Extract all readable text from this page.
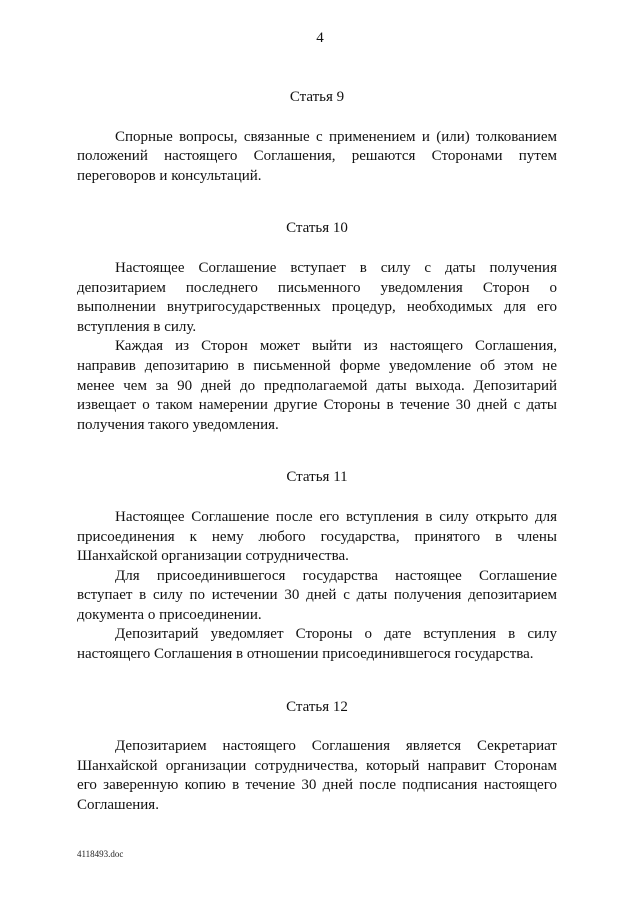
4
Статья 9

Спорные вопросы, связанные с применением и (или) толкованием положений настоящего Соглашения, решаются Сторонами путем переговоров и консультаций.

Статья 10

Настоящее Соглашение вступает в силу с даты получения депозитарием последнего письменного уведомления Сторон о выполнении внутригосударственных процедур, необходимых для его вступления в силу.

Каждая из Сторон может выйти из настоящего Соглашения, направив депозитарию в письменной форме уведомление об этом не менее чем за 90 дней до предполагаемой даты выхода. Депозитарий извещает о таком намерении другие Стороны в течение 30 дней с даты получения такого уведомления.

Статья 11

Настоящее Соглашение после его вступления в силу открыто для присоединения к нему любого государства, принятого в члены Шанхайской организации сотрудничества.

Для присоединившегося государства настоящее Соглашение вступает в силу по истечении 30 дней с даты получения депозитарием документа о присоединении.

Депозитарий уведомляет Стороны о дате вступления в силу настоящего Соглашения в отношении присоединившегося государства.

Статья 12

Депозитарием настоящего Соглашения является Секретариат Шанхайской организации сотрудничества, который направит Сторонам его заверенную копию в течение 30 дней после подписания настоящего Соглашения.

4118493.doc
